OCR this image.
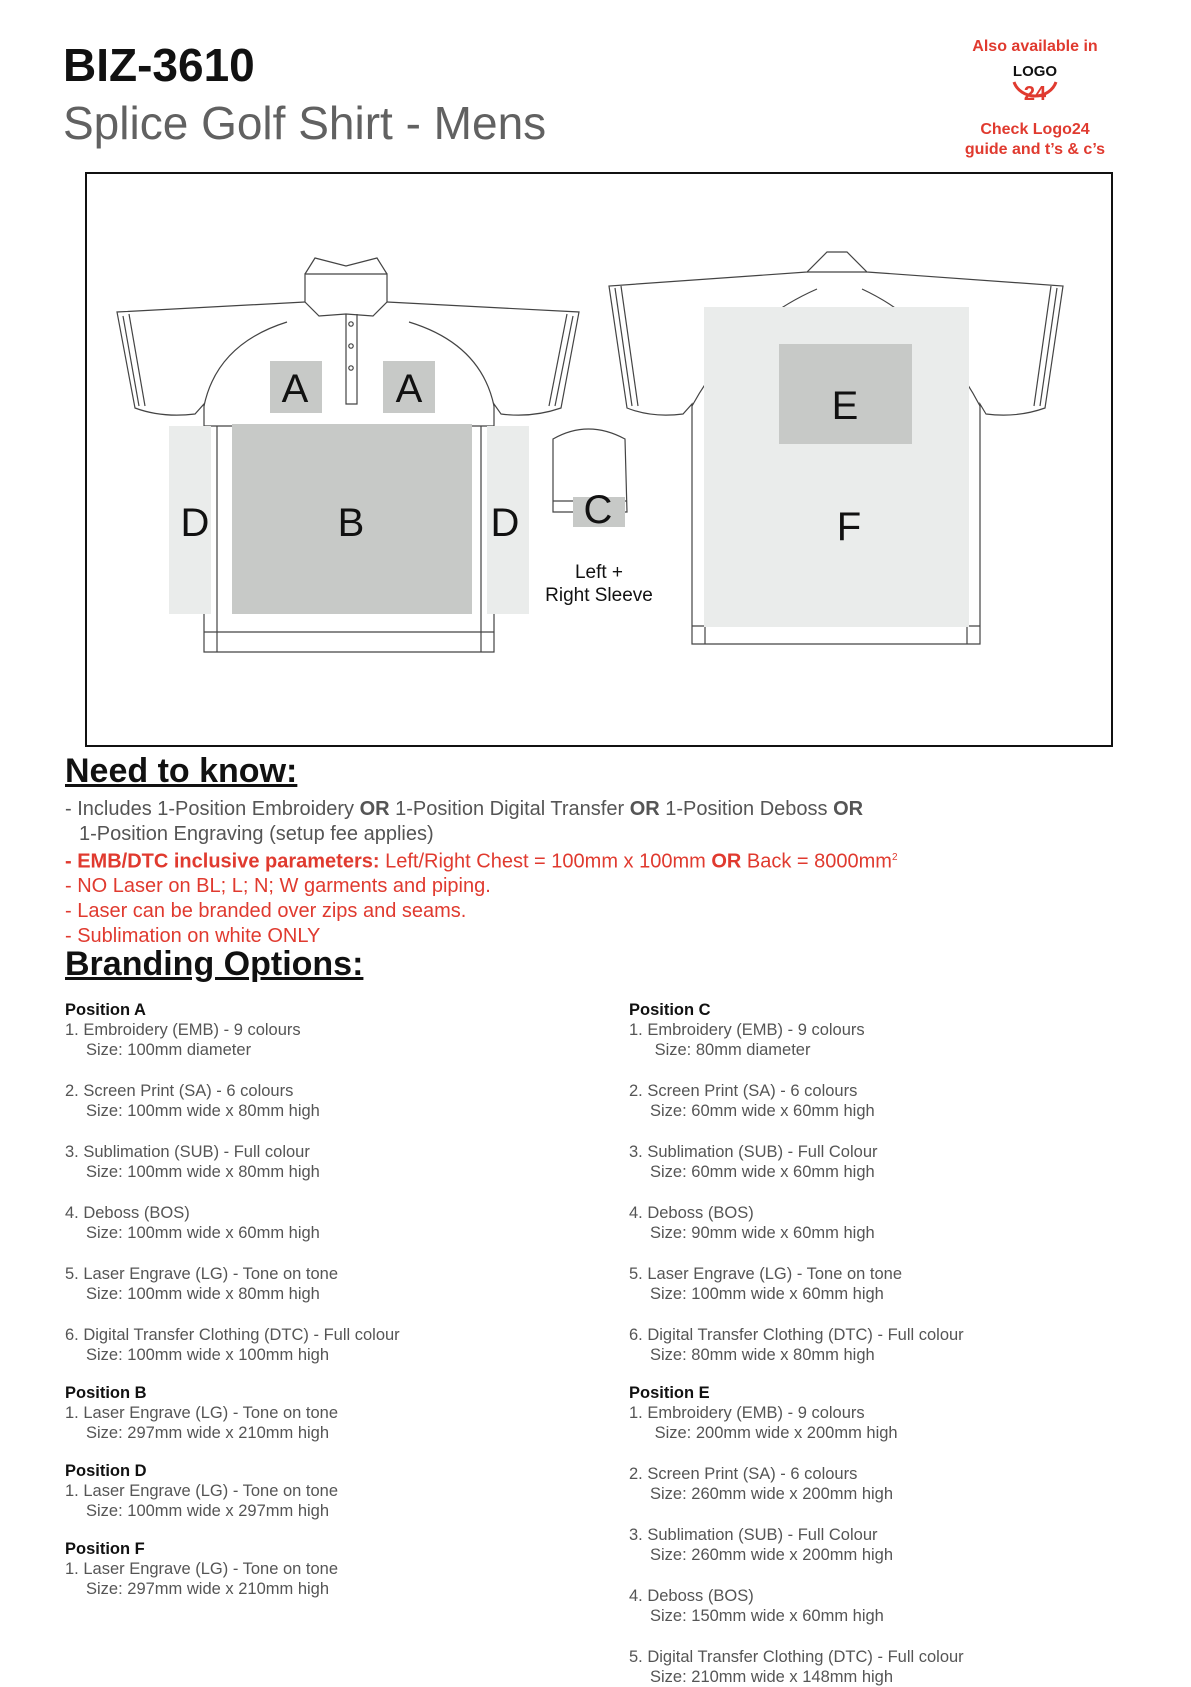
BIZ-3610
Splice Golf Shirt - Mens
Also available in
LOGO
24
Check Logo24
guide and t’s & c’s
A A
B
D	D C
E
F
Left +
Right Sleeve
Need to know:
- Includes 1-Position Embroidery OR 1-Position Digital Transfer OR 1-Position Deboss OR
1-Position Engraving (setup fee applies)
- EMB/DTC inclusive parameters: Left/Right Chest = 100mm x 100mm OR Back = $8000mm^2$
- NO Laser on BL; L; N; W garments and piping.
- Laser can be branded over zips and seams.
- Sublimation on white ONLY
Branding Options:
Position A
1. Embroidery (EMB) - 9 colours
Size: 100mm diameter
2. Screen Print (SA) - 6 colours
Size: 100mm wide x 80mm high
3. Sublimation (SUB) - Full colour
Size: 100mm wide x 80mm high
4. Deboss (BOS)
Size: 100mm wide x 60mm high
5. Laser Engrave (LG) - Tone on tone
Size: 100mm wide x 80mm high
6. Digital Transfer Clothing (DTC) - Full colour
Size: 100mm wide x 100mm high
Position B
1. Laser Engrave (LG) - Tone on tone
Size: 297mm wide x 210mm high
Position D
1. Laser Engrave (LG) - Tone on tone
Size: 100mm wide x 297mm high
Position F
1. Laser Engrave (LG) - Tone on tone
Size: 297mm wide x 210mm high
Position C
1. Embroidery (EMB) - 9 colours
Size: 80mm diameter
2. Screen Print (SA) - 6 colours
Size: 60mm wide x 60mm high
3. Sublimation (SUB) - Full Colour
Size: 60mm wide x 60mm high
4. Deboss (BOS)
Size: 90mm wide x 60mm high
5. Laser Engrave (LG) - Tone on tone
Size: 100mm wide x 60mm high
6. Digital Transfer Clothing (DTC) - Full colour
Size: 80mm wide x 80mm high
Position E
1. Embroidery (EMB) - 9 colours
Size: 200mm wide x 200mm high
2. Screen Print (SA) - 6 colours
Size: 260mm wide x 200mm high
3. Sublimation (SUB) - Full Colour
Size: 260mm wide x 200mm high
4. Deboss (BOS)
Size: 150mm wide x 60mm high
5. Digital Transfer Clothing (DTC) - Full colour
Size: 210mm wide x 148mm high
